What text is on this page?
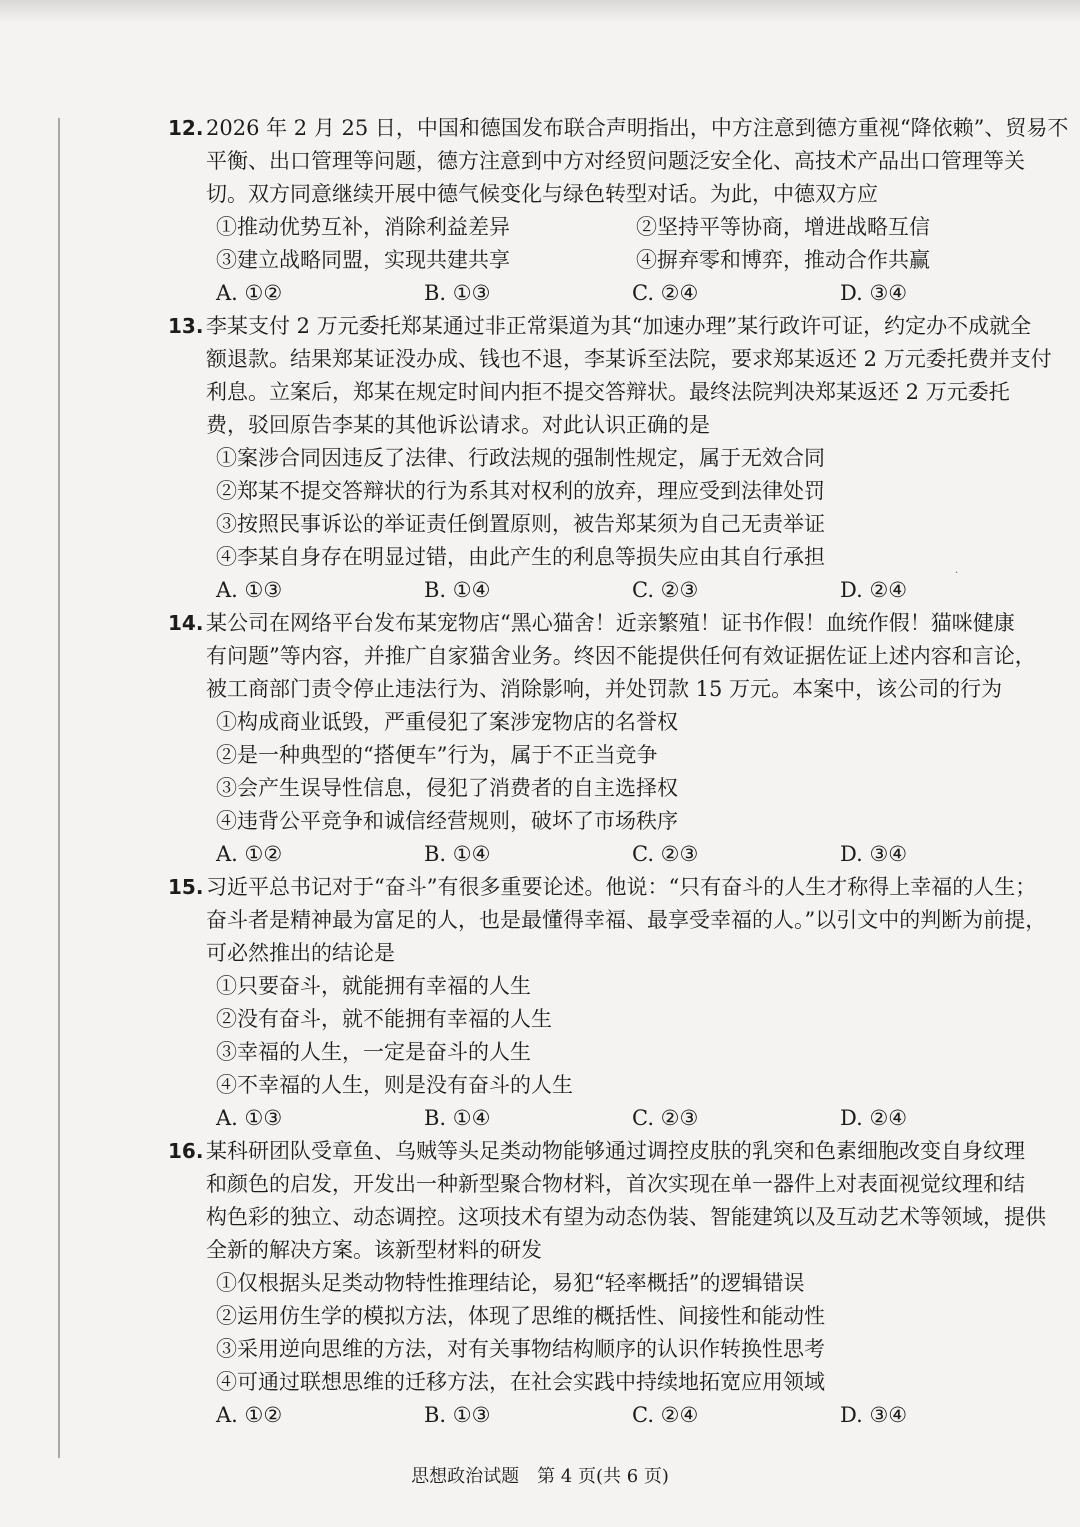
·
12. 2026 年 2 月 25 日，中国和德国发布联合声明指出，中方注意到德方重视“降依赖”、贸易不
平衡、出口管理等问题，德方注意到中方对经贸问题泛安全化、高技术产品出口管理等关
切。双方同意继续开展中德气候变化与绿色转型对话。为此，中德双方应
①推动优势互补，消除利益差异	②坚持平等协商，增进战略互信
③建立战略同盟，实现共建共享	④摒弃零和博弈，推动合作共赢
A. ①②	B. ①③	C. ②④	D. ③④
13. 李某支付 2 万元委托郑某通过非正常渠道为其“加速办理”某行政许可证，约定办不成就全
额退款。结果郑某证没办成、钱也不退，李某诉至法院，要求郑某返还 2 万元委托费并支付
利息。立案后，郑某在规定时间内拒不提交答辩状。最终法院判决郑某返还 2 万元委托
费，驳回原告李某的其他诉讼请求。对此认识正确的是
①案涉合同因违反了法律、行政法规的强制性规定，属于无效合同
②郑某不提交答辩状的行为系其对权利的放弃，理应受到法律处罚
③按照民事诉讼的举证责任倒置原则，被告郑某须为自己无责举证
④李某自身存在明显过错，由此产生的利息等损失应由其自行承担
A. ①③	B. ①④	C. ②③	D. ②④
14. 某公司在网络平台发布某宠物店“黑心猫舍！近亲繁殖！证书作假！血统作假！猫咪健康
有问题”等内容，并推广自家猫舍业务。终因不能提供任何有效证据佐证上述内容和言论，
被工商部门责令停止违法行为、消除影响，并处罚款 15 万元。本案中，该公司的行为
①构成商业诋毁，严重侵犯了案涉宠物店的名誉权
②是一种典型的“搭便车”行为，属于不正当竞争
③会产生误导性信息，侵犯了消费者的自主选择权
④违背公平竞争和诚信经营规则，破坏了市场秩序
A. ①②	B. ①④	C. ②③	D. ③④
15. 习近平总书记对于“奋斗”有很多重要论述。他说：“只有奋斗的人生才称得上幸福的人生；
奋斗者是精神最为富足的人，也是最懂得幸福、最享受幸福的人。”以引文中的判断为前提，
可必然推出的结论是
①只要奋斗，就能拥有幸福的人生
②没有奋斗，就不能拥有幸福的人生
③幸福的人生，一定是奋斗的人生
④不幸福的人生，则是没有奋斗的人生
A. ①③	B. ①④	C. ②③	D. ②④
16. 某科研团队受章鱼、乌贼等头足类动物能够通过调控皮肤的乳突和色素细胞改变自身纹理
和颜色的启发，开发出一种新型聚合物材料，首次实现在单一器件上对表面视觉纹理和结
构色彩的独立、动态调控。这项技术有望为动态伪装、智能建筑以及互动艺术等领域，提供
全新的解决方案。该新型材料的研发
①仅根据头足类动物特性推理结论，易犯“轻率概括”的逻辑错误
②运用仿生学的模拟方法，体现了思维的概括性、间接性和能动性
③采用逆向思维的方法，对有关事物结构顺序的认识作转换性思考
④可通过联想思维的迁移方法，在社会实践中持续地拓宽应用领域
A. ①②	B. ①③	C. ②④	D. ③④
思想政治试题　第 4 页(共 6 页)
